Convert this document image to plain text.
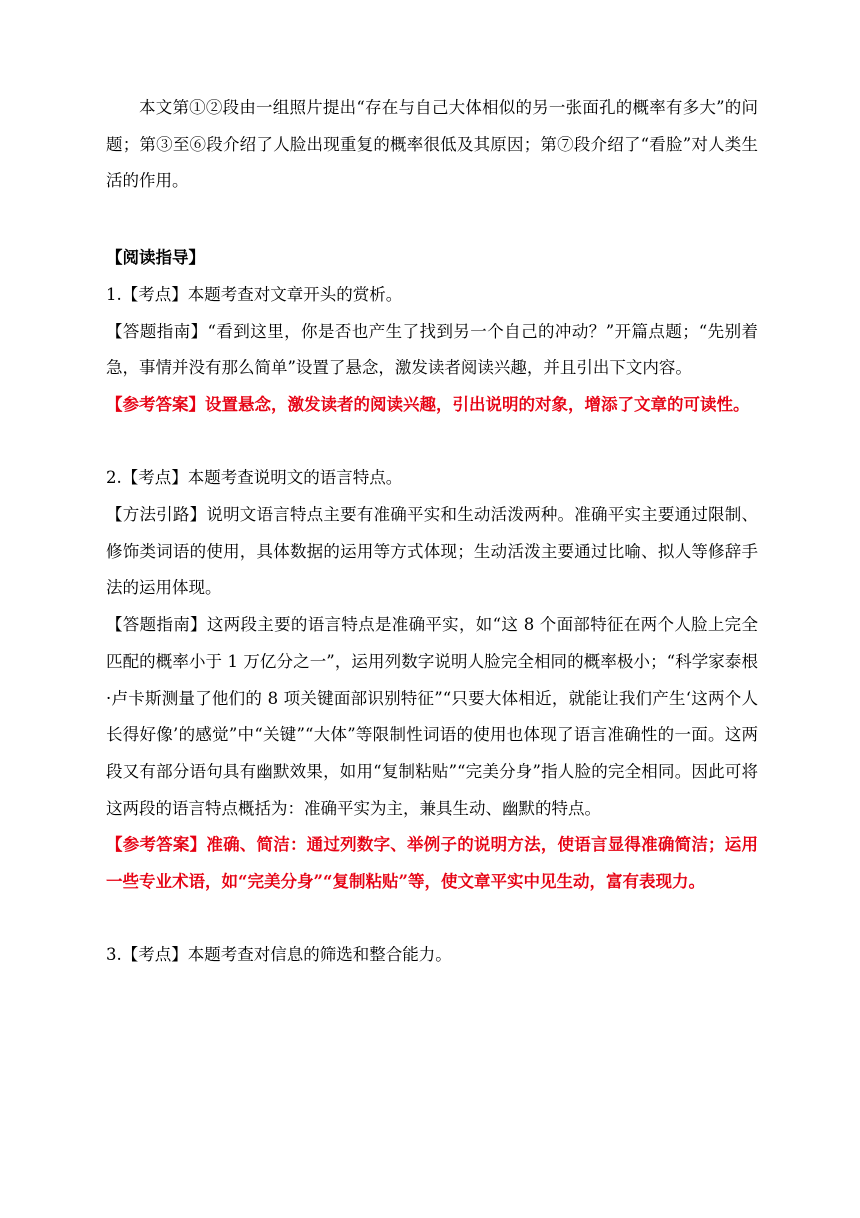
本文第①②段由一组照片提出“存在与自己大体相似的另一张面孔的概率有多大”的问题；第③至⑥段介绍了人脸出现重复的概率很低及其原因；第⑦段介绍了“看脸”对人类生活的作用。

【阅读指导】

1.【考点】本题考查对文章开头的赏析。

【答题指南】“看到这里，你是否也产生了找到另一个自己的冲动？”开篇点题；“先别着急，事情并没有那么简单”设置了悬念，激发读者阅读兴趣，并且引出下文内容。

【参考答案】设置悬念，激发读者的阅读兴趣，引出说明的对象，增添了文章的可读性。

2.【考点】本题考查说明文的语言特点。

【方法引路】说明文语言特点主要有准确平实和生动活泼两种。准确平实主要通过限制、修饰类词语的使用，具体数据的运用等方式体现；生动活泼主要通过比喻、拟人等修辞手法的运用体现。

【答题指南】这两段主要的语言特点是准确平实，如“这 8 个面部特征在两个人脸上完全匹配的概率小于 1 万亿分之一”，运用列数字说明人脸完全相同的概率极小；“科学家泰根·卢卡斯测量了他们的 8 项关键面部识别特征”“只要大体相近，就能让我们产生‘这两个人长得好像’的感觉”中“关键”“大体”等限制性词语的使用也体现了语言准确性的一面。这两段又有部分语句具有幽默效果，如用“复制粘贴”“完美分身”指人脸的完全相同。因此可将这两段的语言特点概括为：准确平实为主，兼具生动、幽默的特点。

【参考答案】准确、简洁：通过列数字、举例子的说明方法，使语言显得准确简洁；运用一些专业术语，如“完美分身”“复制粘贴”等，使文章平实中见生动，富有表现力。

3.【考点】本题考查对信息的筛选和整合能力。
